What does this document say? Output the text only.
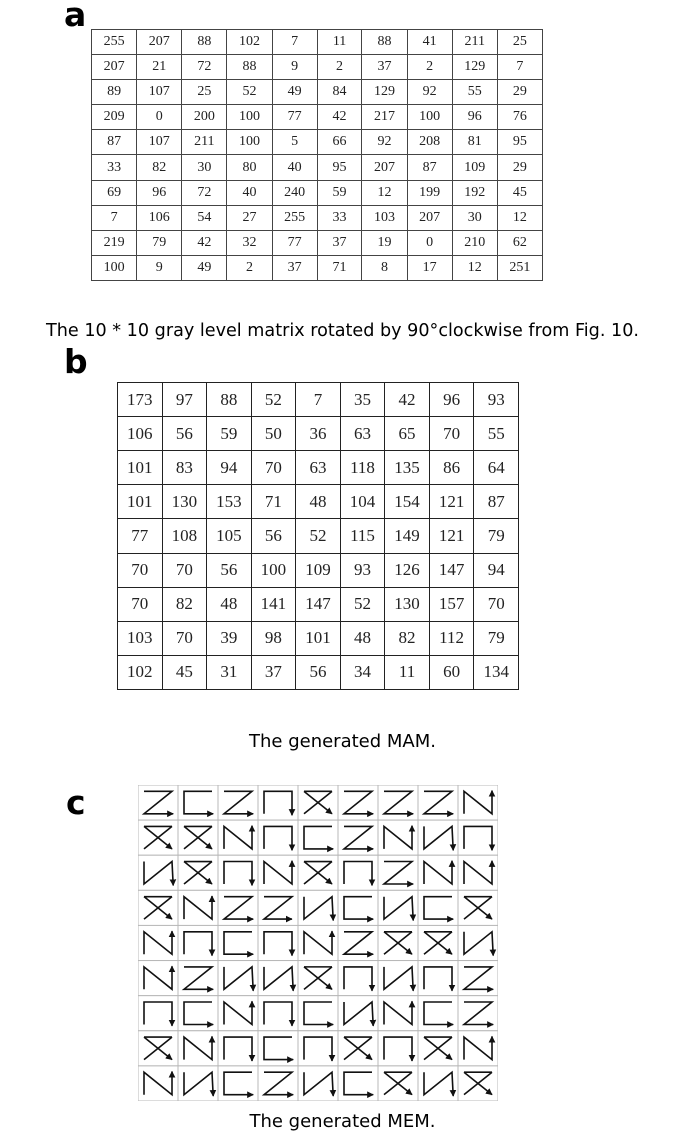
a
255	207	88	102	7	11	88	41	211	25
207	21	72	88	9	2	37	2	129	7
89	107	25	52	49	84	129	92	55	29
209	0	200	100	77	42	217	100	96	76
87	107	211	100	5	66	92	208	81	95
33	82	30	80	40	95	207	87	109	29
69	96	72	40	240	59	12	199	192	45
7	106	54	27	255	33	103	207	30	12
219	79	42	32	77	37	19	0	210	62
100	9	49	2	37	71	8	17	12	251
The 10 * 10 gray level matrix rotated by 90°clockwise from Fig. 10.
b
173	97	88	52	7	35	42	96	93
106	56	59	50	36	63	65	70	55
101	83	94	70	63	118	135	86	64
101	130	153	71	48	104	154	121	87
77	108	105	56	52	115	149	121	79
70	70	56	100	109	93	126	147	94
70	82	48	141	147	52	130	157	70
103	70	39	98	101	48	82	112	79
102	45	31	37	56	34	11	60	134
The generated MAM.
c
The generated MEM.
